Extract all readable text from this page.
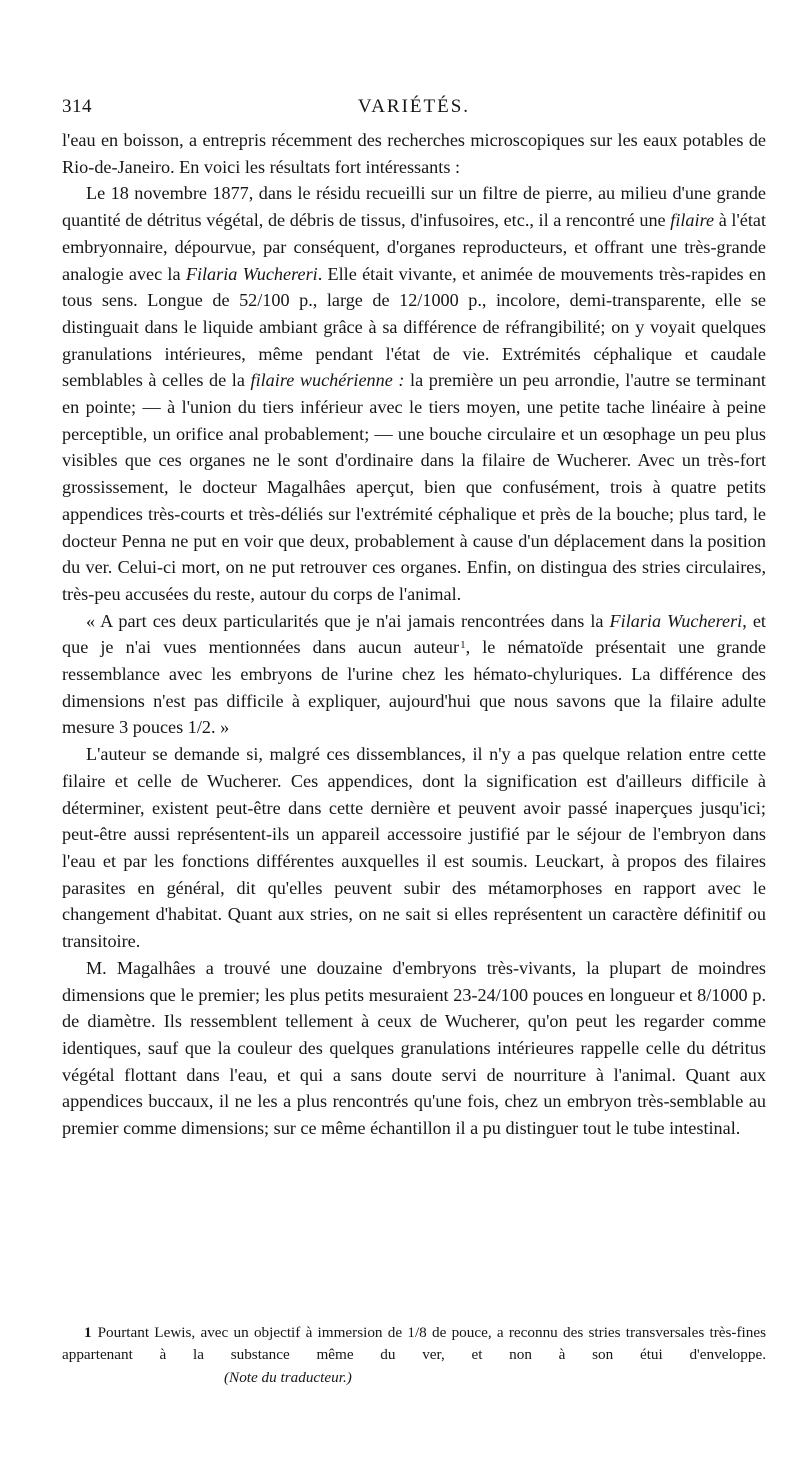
314	VARIÉTÉS.

l'eau en boisson, a entrepris récemment des recherches microscopiques sur les eaux potables de Rio-de-Janeiro. En voici les résultats fort intéressants :

Le 18 novembre 1877, dans le résidu recueilli sur un filtre de pierre, au milieu d'une grande quantité de détritus végétal, de débris de tissus, d'infusoires, etc., il a rencontré une filaire à l'état embryonnaire, dépourvue, par conséquent, d'organes reproducteurs, et offrant une très-grande analogie avec la Filaria Wuchereri. Elle était vivante, et animée de mouvements très-rapides en tous sens. Longue de 52/100 p., large de 12/1000 p., incolore, demi-transparente, elle se distinguait dans le liquide ambiant grâce à sa différence de réfrangibilité; on y voyait quelques granulations intérieures, même pendant l'état de vie. Extrémités céphalique et caudale semblables à celles de la filaire wuchérienne : la première un peu arrondie, l'autre se terminant en pointe; — à l'union du tiers inférieur avec le tiers moyen, une petite tache linéaire à peine perceptible, un orifice anal probablement; — une bouche circulaire et un œsophage un peu plus visibles que ces organes ne le sont d'ordinaire dans la filaire de Wucherer. Avec un très-fort grossissement, le docteur Magalhâes aperçut, bien que confusément, trois à quatre petits appendices très-courts et très-déliés sur l'extrémité céphalique et près de la bouche; plus tard, le docteur Penna ne put en voir que deux, probablement à cause d'un déplacement dans la position du ver. Celui-ci mort, on ne put retrouver ces organes. Enfin, on distingua des stries circulaires, très-peu accusées du reste, autour du corps de l'animal.

« A part ces deux particularités que je n'ai jamais rencontrées dans la Filaria Wuchereri, et que je n'ai vues mentionnées dans aucun auteur$^1$, le nématoïde présentait une grande ressemblance avec les embryons de l'urine chez les hémato-chyluriques. La différence des dimensions n'est pas difficile à expliquer, aujourd'hui que nous savons que la filaire adulte mesure 3 pouces 1/2. »

L'auteur se demande si, malgré ces dissemblances, il n'y a pas quelque relation entre cette filaire et celle de Wucherer. Ces appendices, dont la signification est d'ailleurs difficile à déterminer, existent peut-être dans cette dernière et peuvent avoir passé inaperçues jusqu'ici; peut-être aussi représentent-ils un appareil accessoire justifié par le séjour de l'embryon dans l'eau et par les fonctions différentes auxquelles il est soumis. Leuckart, à propos des filaires parasites en général, dit qu'elles peuvent subir des métamorphoses en rapport avec le changement d'habitat. Quant aux stries, on ne sait si elles représentent un caractère définitif ou transitoire.

M. Magalhâes a trouvé une douzaine d'embryons très-vivants, la plupart de moindres dimensions que le premier; les plus petits mesuraient 23-24/100 pouces en longueur et 8/1000 p. de diamètre. Ils ressemblent tellement à ceux de Wucherer, qu'on peut les regarder comme identiques, sauf que la couleur des quelques granulations intérieures rappelle celle du détritus végétal flottant dans l'eau, et qui a sans doute servi de nourriture à l'animal. Quant aux appendices buccaux, il ne les a plus rencontrés qu'une fois, chez un embryon très-semblable au premier comme dimensions; sur ce même échantillon il a pu distinguer tout le tube intestinal.

1 Pourtant Lewis, avec un objectif à immersion de 1/8 de pouce, a reconnu des stries transversales très-fines appartenant à la substance même du ver, et non à son étui d'enveloppe.(Note du traducteur.)
